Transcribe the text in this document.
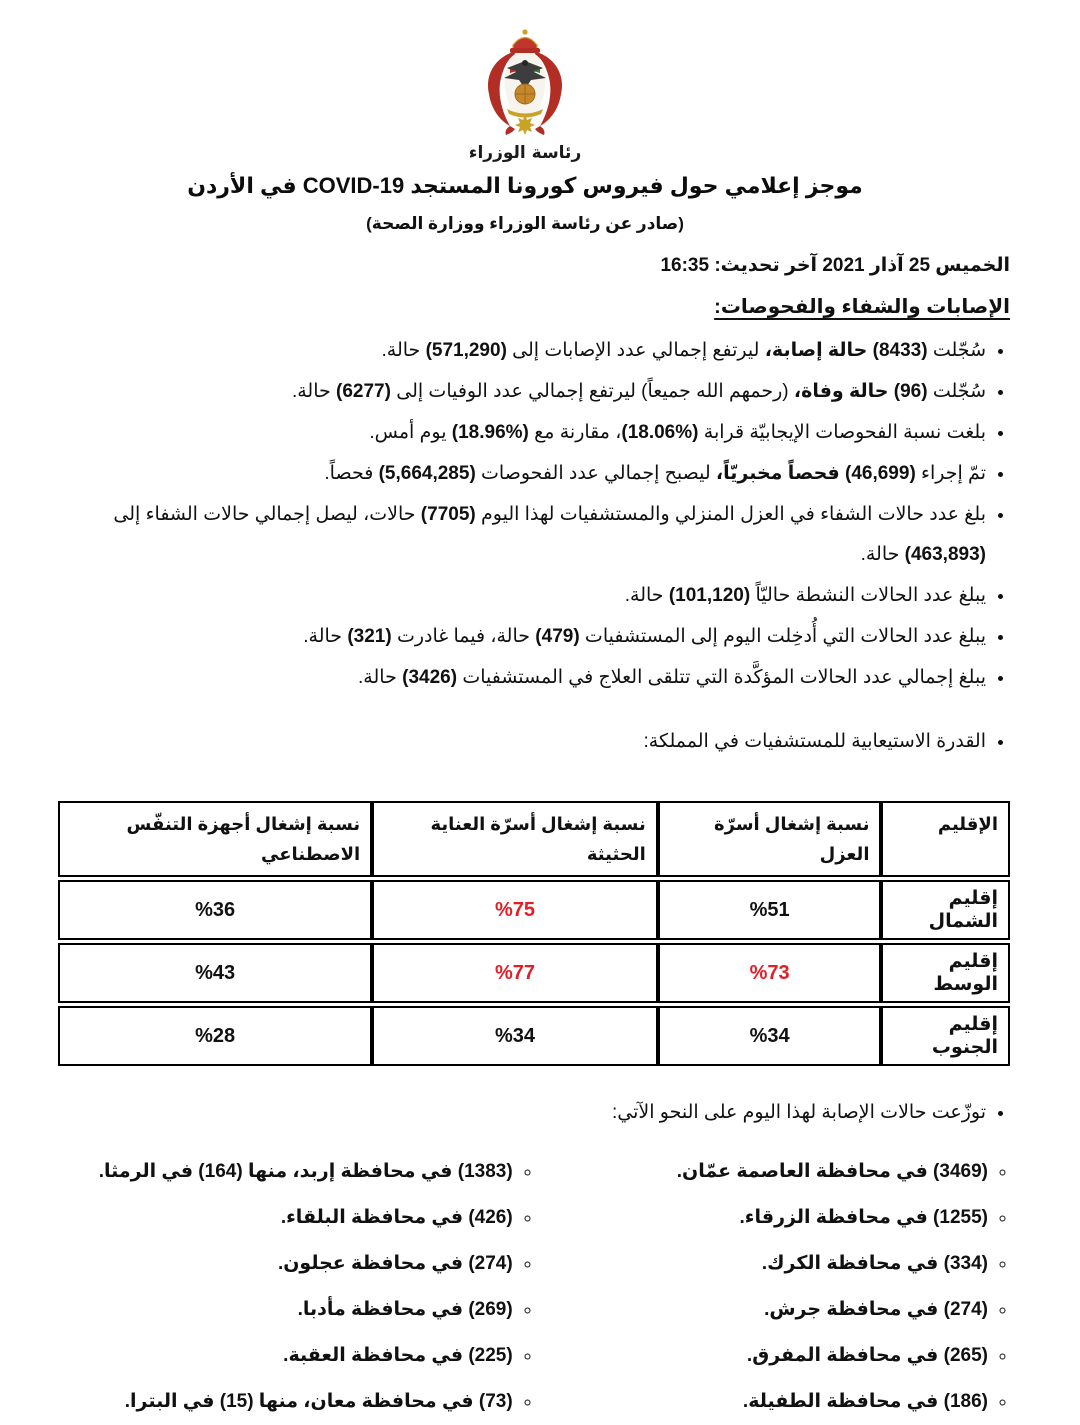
رئاسة الوزراء
موجز إعلامي حول فيروس كورونا المستجد COVID-19 في الأردن
(صادر عن رئاسة الوزراء ووزارة الصحة)
الخميس 25 آذار 2021 آخر تحديث: 16:35
الإصابات والشفاء والفحوصات:
• سُجّلت (8433) حالة إصابة، ليرتفع إجمالي عدد الإصابات إلى (571,290) حالة.
• سُجّلت (96) حالة وفاة، (رحمهم الله جميعاً) ليرتفع إجمالي عدد الوفيات إلى (6277) حالة.
• بلغت نسبة الفحوصات الإيجابيّة قرابة (%18.06)، مقارنة مع (%18.96) يوم أمس.
• تمّ إجراء (46,699) فحصاً مخبريّاً، ليصبح إجمالي عدد الفحوصات (5,664,285) فحصاً.
• بلغ عدد حالات الشفاء في العزل المنزلي والمستشفيات لهذا اليوم (7705) حالات، ليصل إجمالي حالات الشفاء إلى (463,893) حالة.
• يبلغ عدد الحالات النشطة حاليّاً (101,120) حالة.
• يبلغ عدد الحالات التي أُدخِلت اليوم إلى المستشفيات (479) حالة، فيما غادرت (321) حالة.
• يبلغ إجمالي عدد الحالات المؤكَّدة التي تتلقى العلاج في المستشفيات (3426) حالة.
• القدرة الاستيعابية للمستشفيات في المملكة:
الإقليم	نسبة إشغال أسرّة العزل	نسبة إشغال أسرّة العناية الحثيثة	نسبة إشغال أجهزة التنفّس الاصطناعي
إقليم الشمال	%51	%75	%36
إقليم الوسط	%73	%77	%43
إقليم الجنوب	%34	%34	%28
• توزّعت حالات الإصابة لهذا اليوم على النحو الآتي:
◦ (3469) في محافظة العاصمة عمّان.
◦ (1255) في محافظة الزرقاء.
◦ (334) في محافظة الكرك.
◦ (274) في محافظة جرش.
◦ (265) في محافظة المفرق.
◦ (186) في محافظة الطفيلة.
◦ (1383) في محافظة إربد، منها (164) في الرمثا.
◦ (426) في محافظة البلقاء.
◦ (274) في محافظة عجلون.
◦ (269) في محافظة مأدبا.
◦ (225) في محافظة العقبة.
◦ (73) في محافظة معان، منها (15) في البترا.
